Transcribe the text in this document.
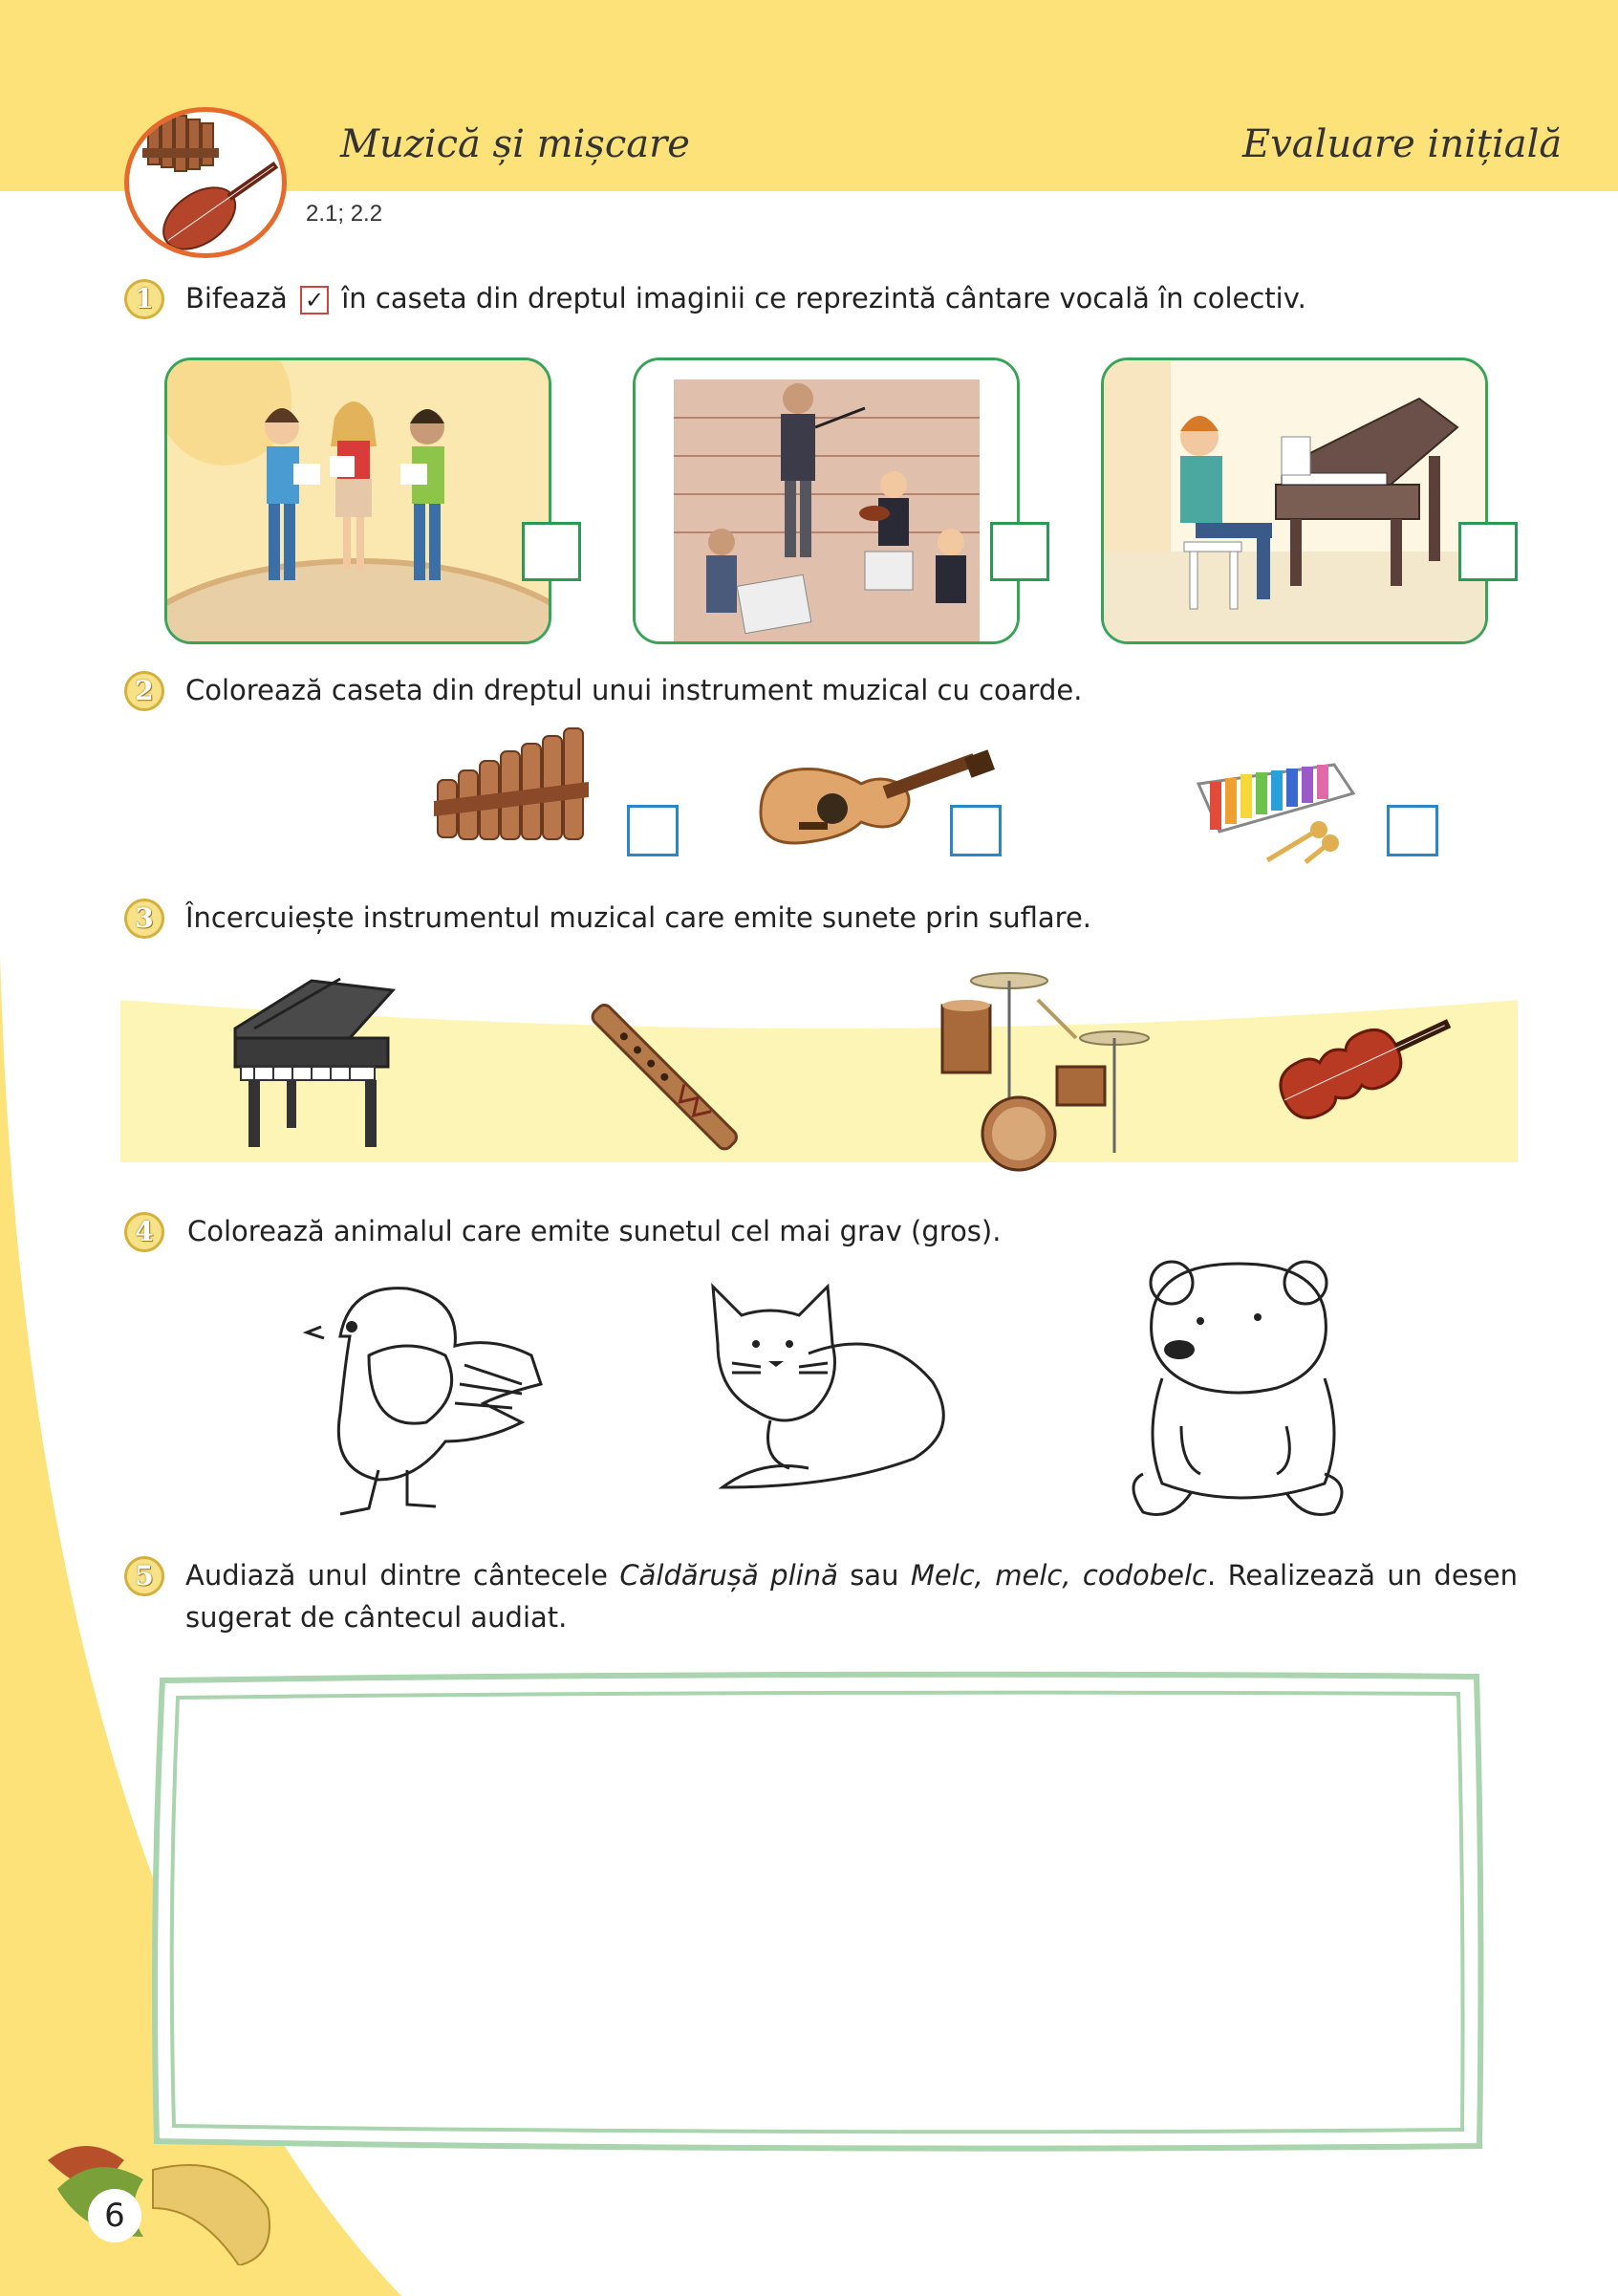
Muzică și mișcare	Evaluare inițială
2.1; 2.2
1	Bifează ✓ în caseta din dreptul imaginii ce reprezintă cântare vocală în colectiv.
2	Colorează caseta din dreptul unui instrument muzical cu coarde.
3	Încercuiește instrumentul muzical care emite sunete prin suflare.
4	Colorează animalul care emite sunetul cel mai grav (gros).
5	Audiază unul dintre cântecele Căldărușă plină sau Melc, melc, codobelc. Realizează un desen sugerat de cântecul audiat.
6
